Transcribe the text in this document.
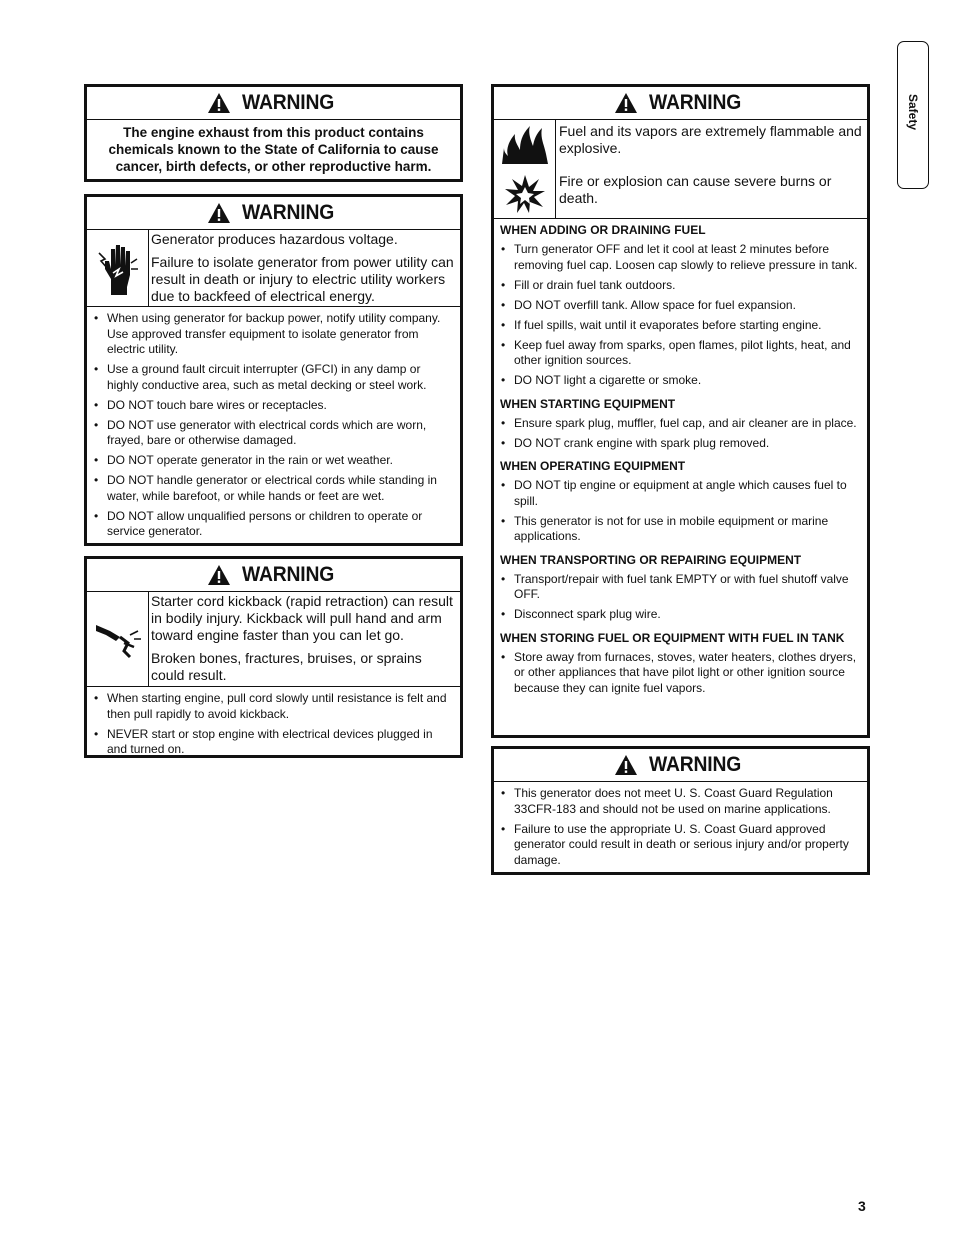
Safety
WARNING
The engine exhaust from this product contains chemicals known to the State of California to cause cancer, birth defects, or other reproductive harm.
WARNING

Generator produces hazardous voltage.

Failure to isolate generator from power utility can result in death or injury to electric utility workers due to backfeed of electrical energy.

• When using generator for backup power, notify utility company. Use approved transfer equipment to isolate generator from electric utility.
• Use a ground fault circuit interrupter (GFCI) in any damp or highly conductive area, such as metal decking or steel work.
• DO NOT touch bare wires or receptacles.
• DO NOT use generator with electrical cords which are worn, frayed, bare or otherwise damaged.
• DO NOT operate generator in the rain or wet weather.
• DO NOT handle generator or electrical cords while standing in water, while barefoot, or while hands or feet are wet.
• DO NOT allow unqualified persons or children to operate or service generator.
WARNING

Starter cord kickback (rapid retraction) can result in bodily injury. Kickback will pull hand and arm toward engine faster than you can let go.

Broken bones, fractures, bruises, or sprains could result.

• When starting engine, pull cord slowly until resistance is felt and then pull rapidly to avoid kickback.
• NEVER start or stop engine with electrical devices plugged in and turned on.
WARNING
Fuel and its vapors are extremely flammable and explosive.
Fire or explosion can cause severe burns or death.
WHEN ADDING OR DRAINING FUEL
• Turn generator OFF and let it cool at least 2 minutes before removing fuel cap. Loosen cap slowly to relieve pressure in tank.
• Fill or drain fuel tank outdoors.
• DO NOT overfill tank. Allow space for fuel expansion.
• If fuel spills, wait until it evaporates before starting engine.
• Keep fuel away from sparks, open flames, pilot lights, heat, and other ignition sources.
• DO NOT light a cigarette or smoke.
WHEN STARTING EQUIPMENT
• Ensure spark plug, muffler, fuel cap, and air cleaner are in place.
• DO NOT crank engine with spark plug removed.
WHEN OPERATING EQUIPMENT
• DO NOT tip engine or equipment at angle which causes fuel to spill.
• This generator is not for use in mobile equipment or marine applications.
WHEN TRANSPORTING OR REPAIRING EQUIPMENT
• Transport/repair with fuel tank EMPTY or with fuel shutoff valve OFF.
• Disconnect spark plug wire.
WHEN STORING FUEL OR EQUIPMENT WITH FUEL IN TANK
• Store away from furnaces, stoves, water heaters, clothes dryers, or other appliances that have pilot light or other ignition source because they can ignite fuel vapors.
WARNING
• This generator does not meet U. S. Coast Guard Regulation 33CFR-183 and should not be used on marine applications.
• Failure to use the appropriate U. S. Coast Guard approved generator could result in death or serious injury and/or property damage.
3
